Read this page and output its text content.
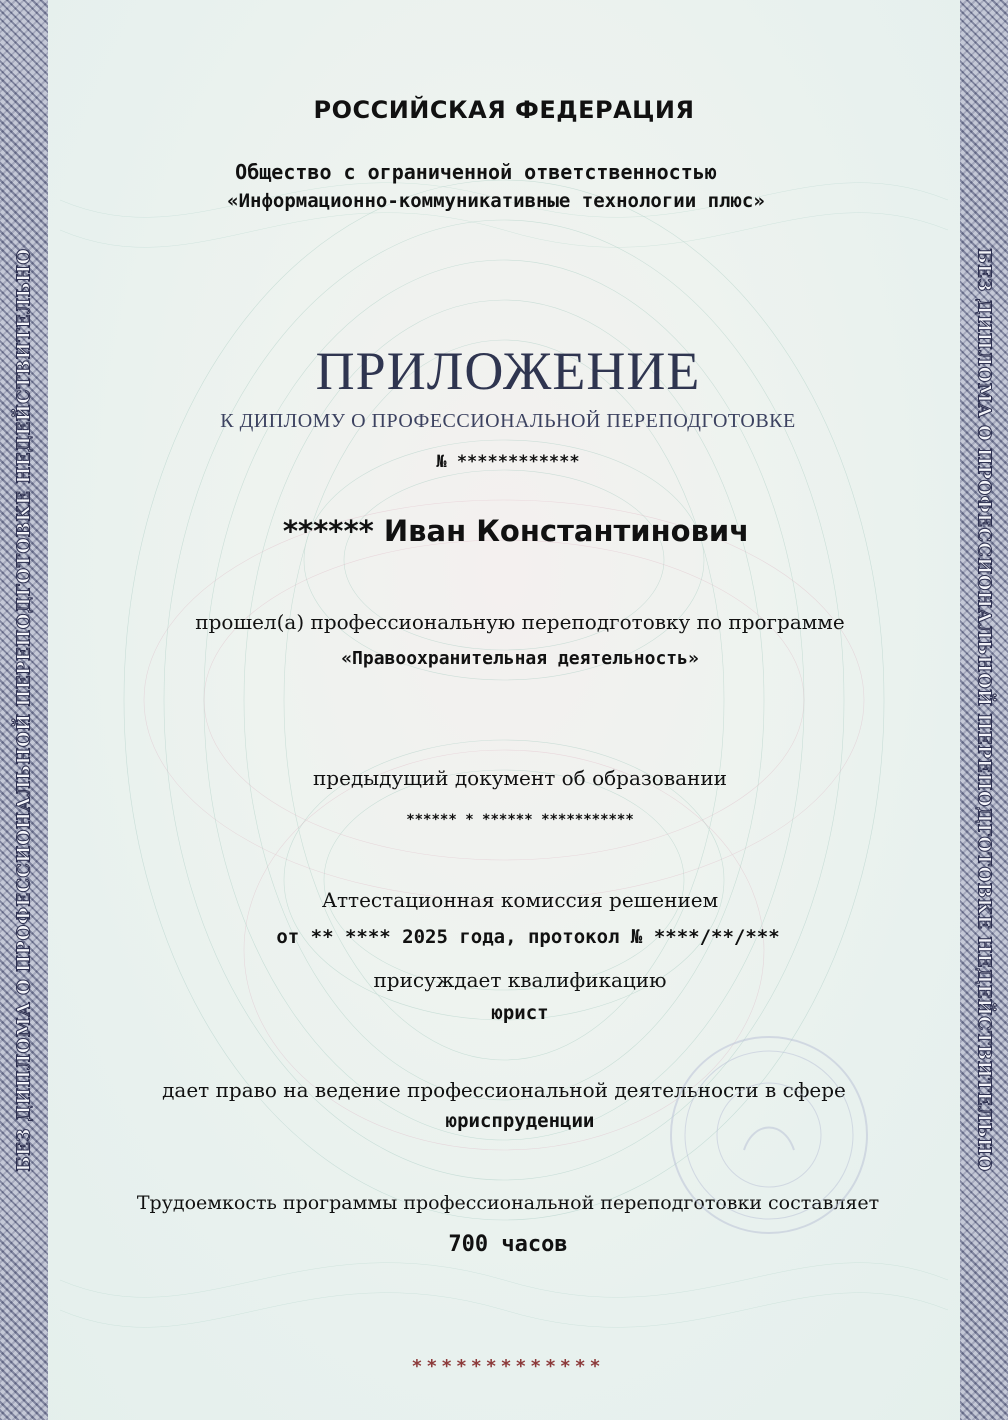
БЕЗ ДИПЛОМА О ПРОФЕССИОНАЛЬНОЙ ПЕРЕПОДГОТОВКЕ НЕДЕЙСТВИТЕЛЬНО	БЕЗ ДИПЛОМА О ПРОФЕССИОНАЛЬНОЙ ПЕРЕПОДГОТОВКЕ НЕДЕЙСТВИТЕЛЬНО
РОССИЙСКАЯ ФЕДЕРАЦИЯ
Общество с ограниченной ответственностью
«Информационно-коммуникативные технологии плюс»
ПРИЛОЖЕНИЕ
К ДИПЛОМУ О ПРОФЕССИОНАЛЬНОЙ ПЕРЕПОДГОТОВКЕ
№ ************
****** Иван Константинович
прошел(а) профессиональную переподготовку по программе
«Правоохранительная деятельность»
предыдущий документ об образовании
****** * ****** ***********
Аттестационная комиссия решением
от ** **** 2025 года, протокол № ****/**/***
присуждает квалификацию
юрист
дает право на ведение профессиональной деятельности в сфере
юриспруденции
Трудоемкость программы профессиональной переподготовки составляет
700 часов
*************
